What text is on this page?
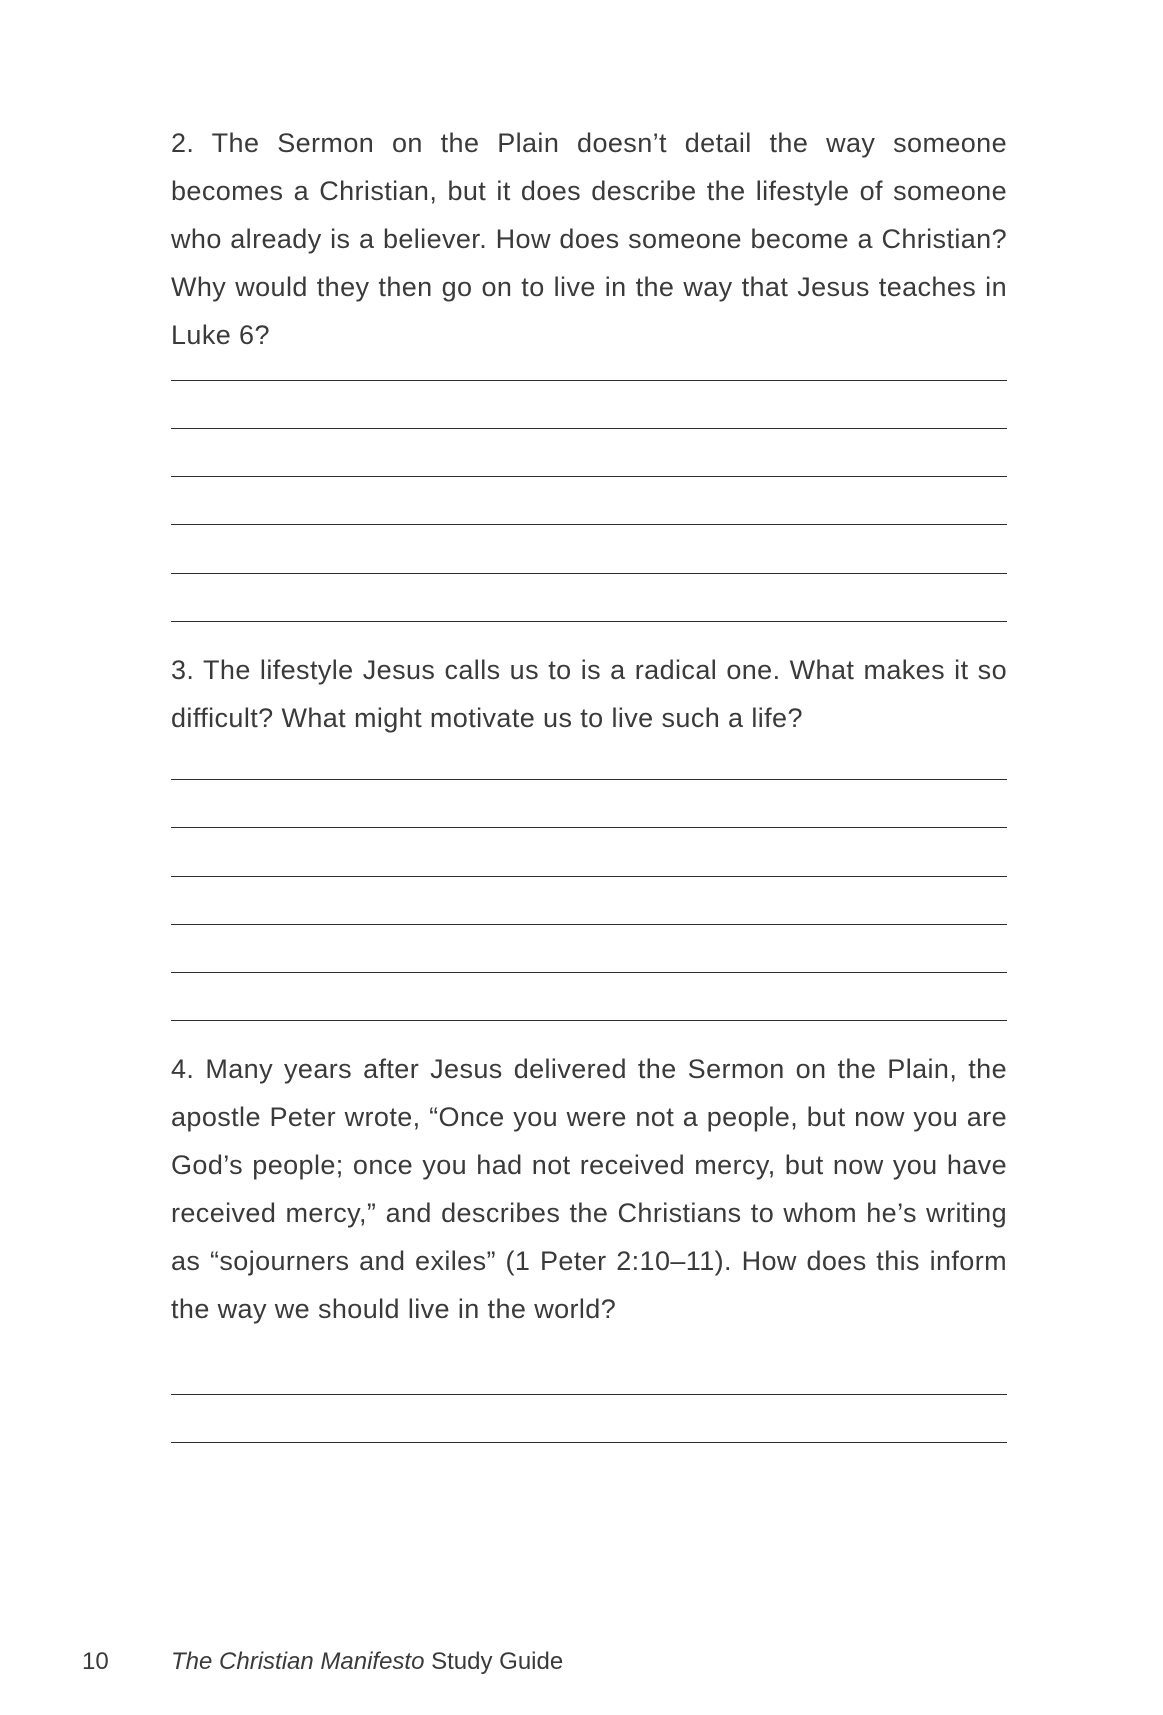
2. The Sermon on the Plain doesn’t detail the way someone becomes a Christian, but it does describe the lifestyle of someone who already is a believer. How does someone become a Christian? Why would they then go on to live in the way that Jesus teaches in Luke 6?

3. The lifestyle Jesus calls us to is a radical one. What makes it so difficult? What might motivate us to live such a life?

4. Many years after Jesus delivered the Sermon on the Plain, the apostle Peter wrote, “Once you were not a people, but now you are God’s people; once you had not received mercy, but now you have received mercy,” and describes the Christians to whom he’s writing as “sojourners and exiles” (1 Peter 2:10–11). How does this inform the way we should live in the world?

10	The Christian Manifesto Study Guide
